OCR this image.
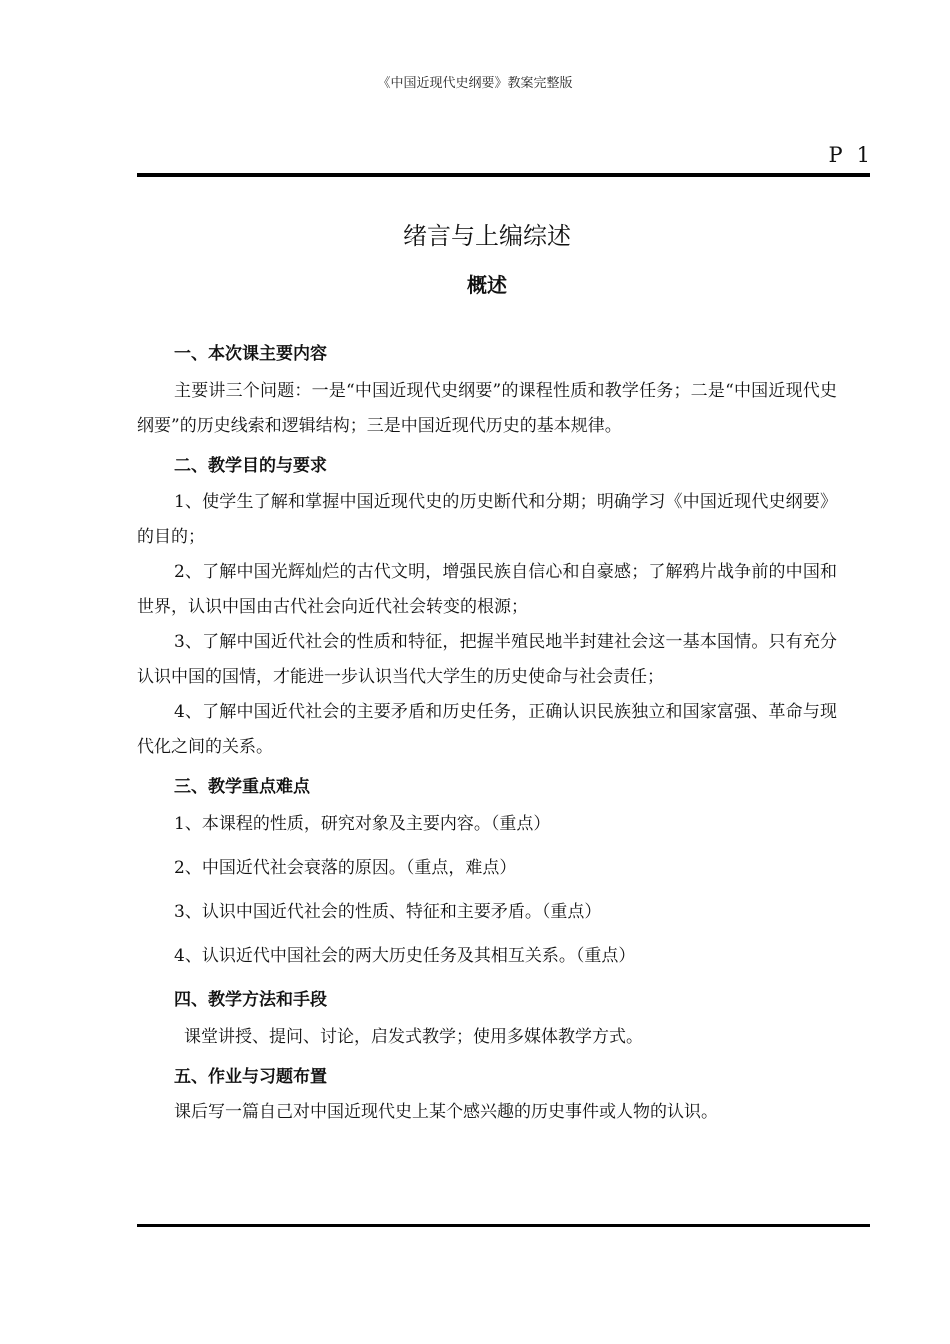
《中国近现代史纲要》教案完整版
P 1
绪言与上编综述
概述
一、本次课主要内容

主要讲三个问题：一是“中国近现代史纲要”的课程性质和教学任务；二是“中国近现代史纲要”的历史线索和逻辑结构；三是中国近现代历史的基本规律。

二、教学目的与要求

1、使学生了解和掌握中国近现代史的历史断代和分期；明确学习《中国近现代史纲要》的目的；

2、了解中国光辉灿烂的古代文明，增强民族自信心和自豪感；了解鸦片战争前的中国和世界，认识中国由古代社会向近代社会转变的根源；

3、了解中国近代社会的性质和特征，把握半殖民地半封建社会这一基本国情。只有充分认识中国的国情，才能进一步认识当代大学生的历史使命与社会责任；

4、了解中国近代社会的主要矛盾和历史任务，正确认识民族独立和国家富强、革命与现代化之间的关系。

三、教学重点难点

1、本课程的性质，研究对象及主要内容。（重点）

2、中国近代社会衰落的原因。（重点，难点）

3、认识中国近代社会的性质、特征和主要矛盾。（重点）

4、认识近代中国社会的两大历史任务及其相互关系。（重点）

四、教学方法和手段

课堂讲授、提问、讨论，启发式教学；使用多媒体教学方式。

五、作业与习题布置

课后写一篇自己对中国近现代史上某个感兴趣的历史事件或人物的认识。
